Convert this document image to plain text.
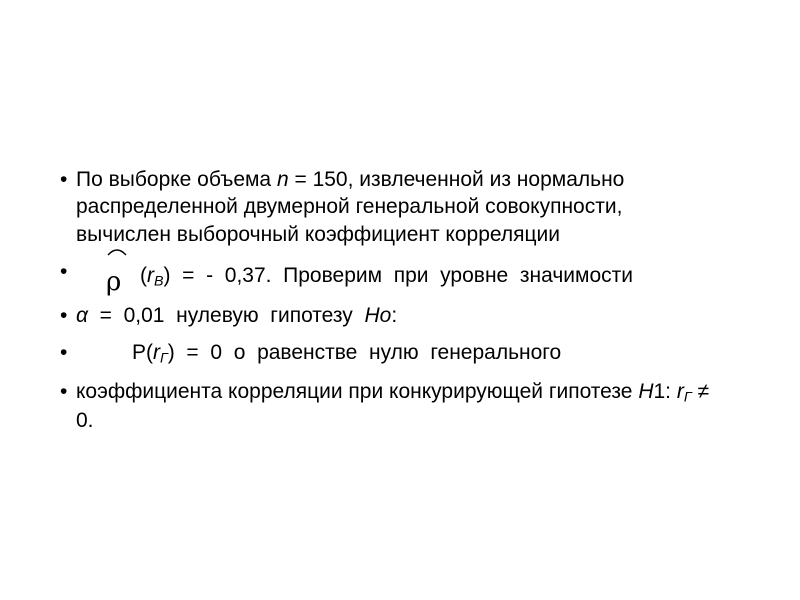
• По выборке объема n = 150, извлеченной из нормально
распределенной двумерной генеральной совокупности,
вычислен выборочный коэффициент корреляции
•	ρ $(r_B)$  =  -  0,37.  Проверим  при  уровне  значимости
• α  =  0,01  нулевую  гипотезу  Ho:
•	$P(r_Г) = 0$  о  равенстве  нулю  генерального
• коэффициента корреляции при конкурирующей гипотезе H1: $r_Г$ ≠
0.
